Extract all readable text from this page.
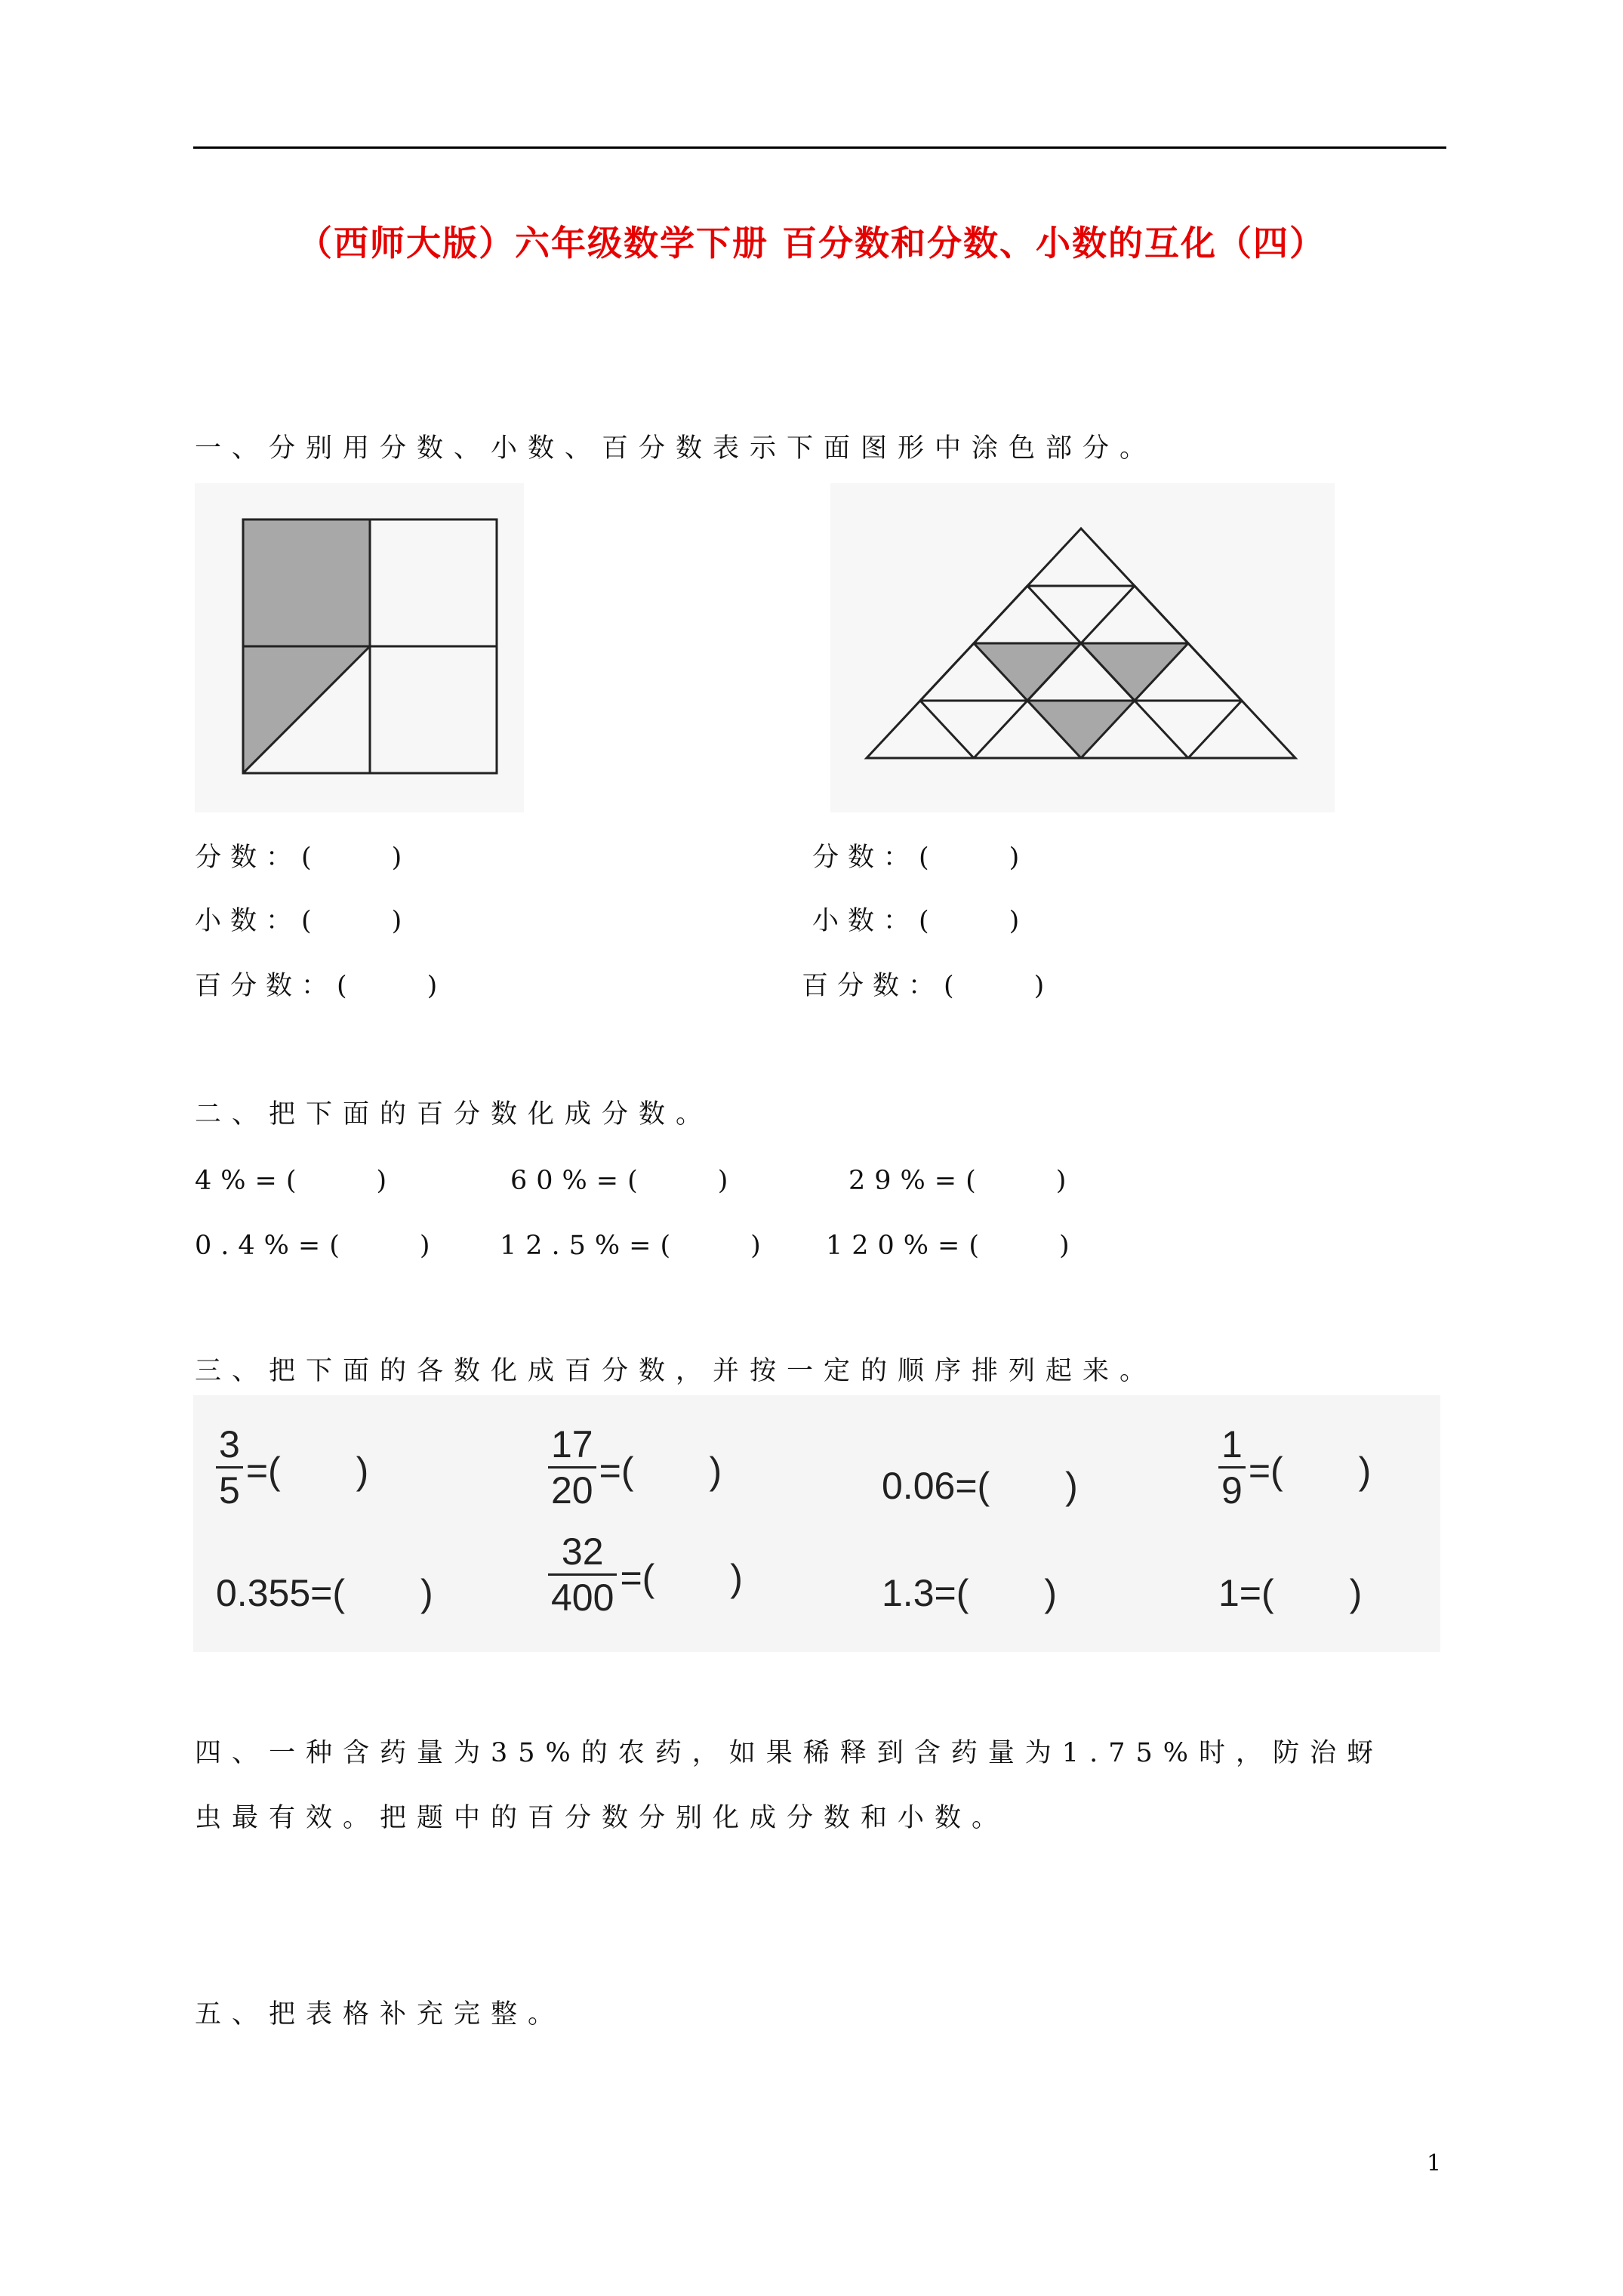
（西师大版）六年级数学下册 百分数和分数、小数的互化（四）
一、分别用分数、小数、百分数表示下面图形中涂色部分。
分数：(　　)
小数：(　　)
百分数：(　　)
分数：(　　)
小数：(　　)
百分数：(　　)
二、把下面的百分数化成分数。
4%=(　　)	60%=(　　)	29%=(　　)
0.4%=(　　) 12.5%=(　　) 120%=(　　)
三、把下面的各数化成百分数，并按一定的顺序排列起来。
$\frac{3}{5}$ =(　　)	$\frac{17}{20}$ =(　　)	0.06=(　　)	$\frac{1}{9}$ =(　　)
0.355=(　　)	$\frac{32}{400}$ =(　　)	1.3=(　　)	1=(　　)
四、一种含药量为35%的农药，如果稀释到含药量为1.75%时，防治蚜
虫最有效。把题中的百分数分别化成分数和小数。
五、把表格补充完整。
1
